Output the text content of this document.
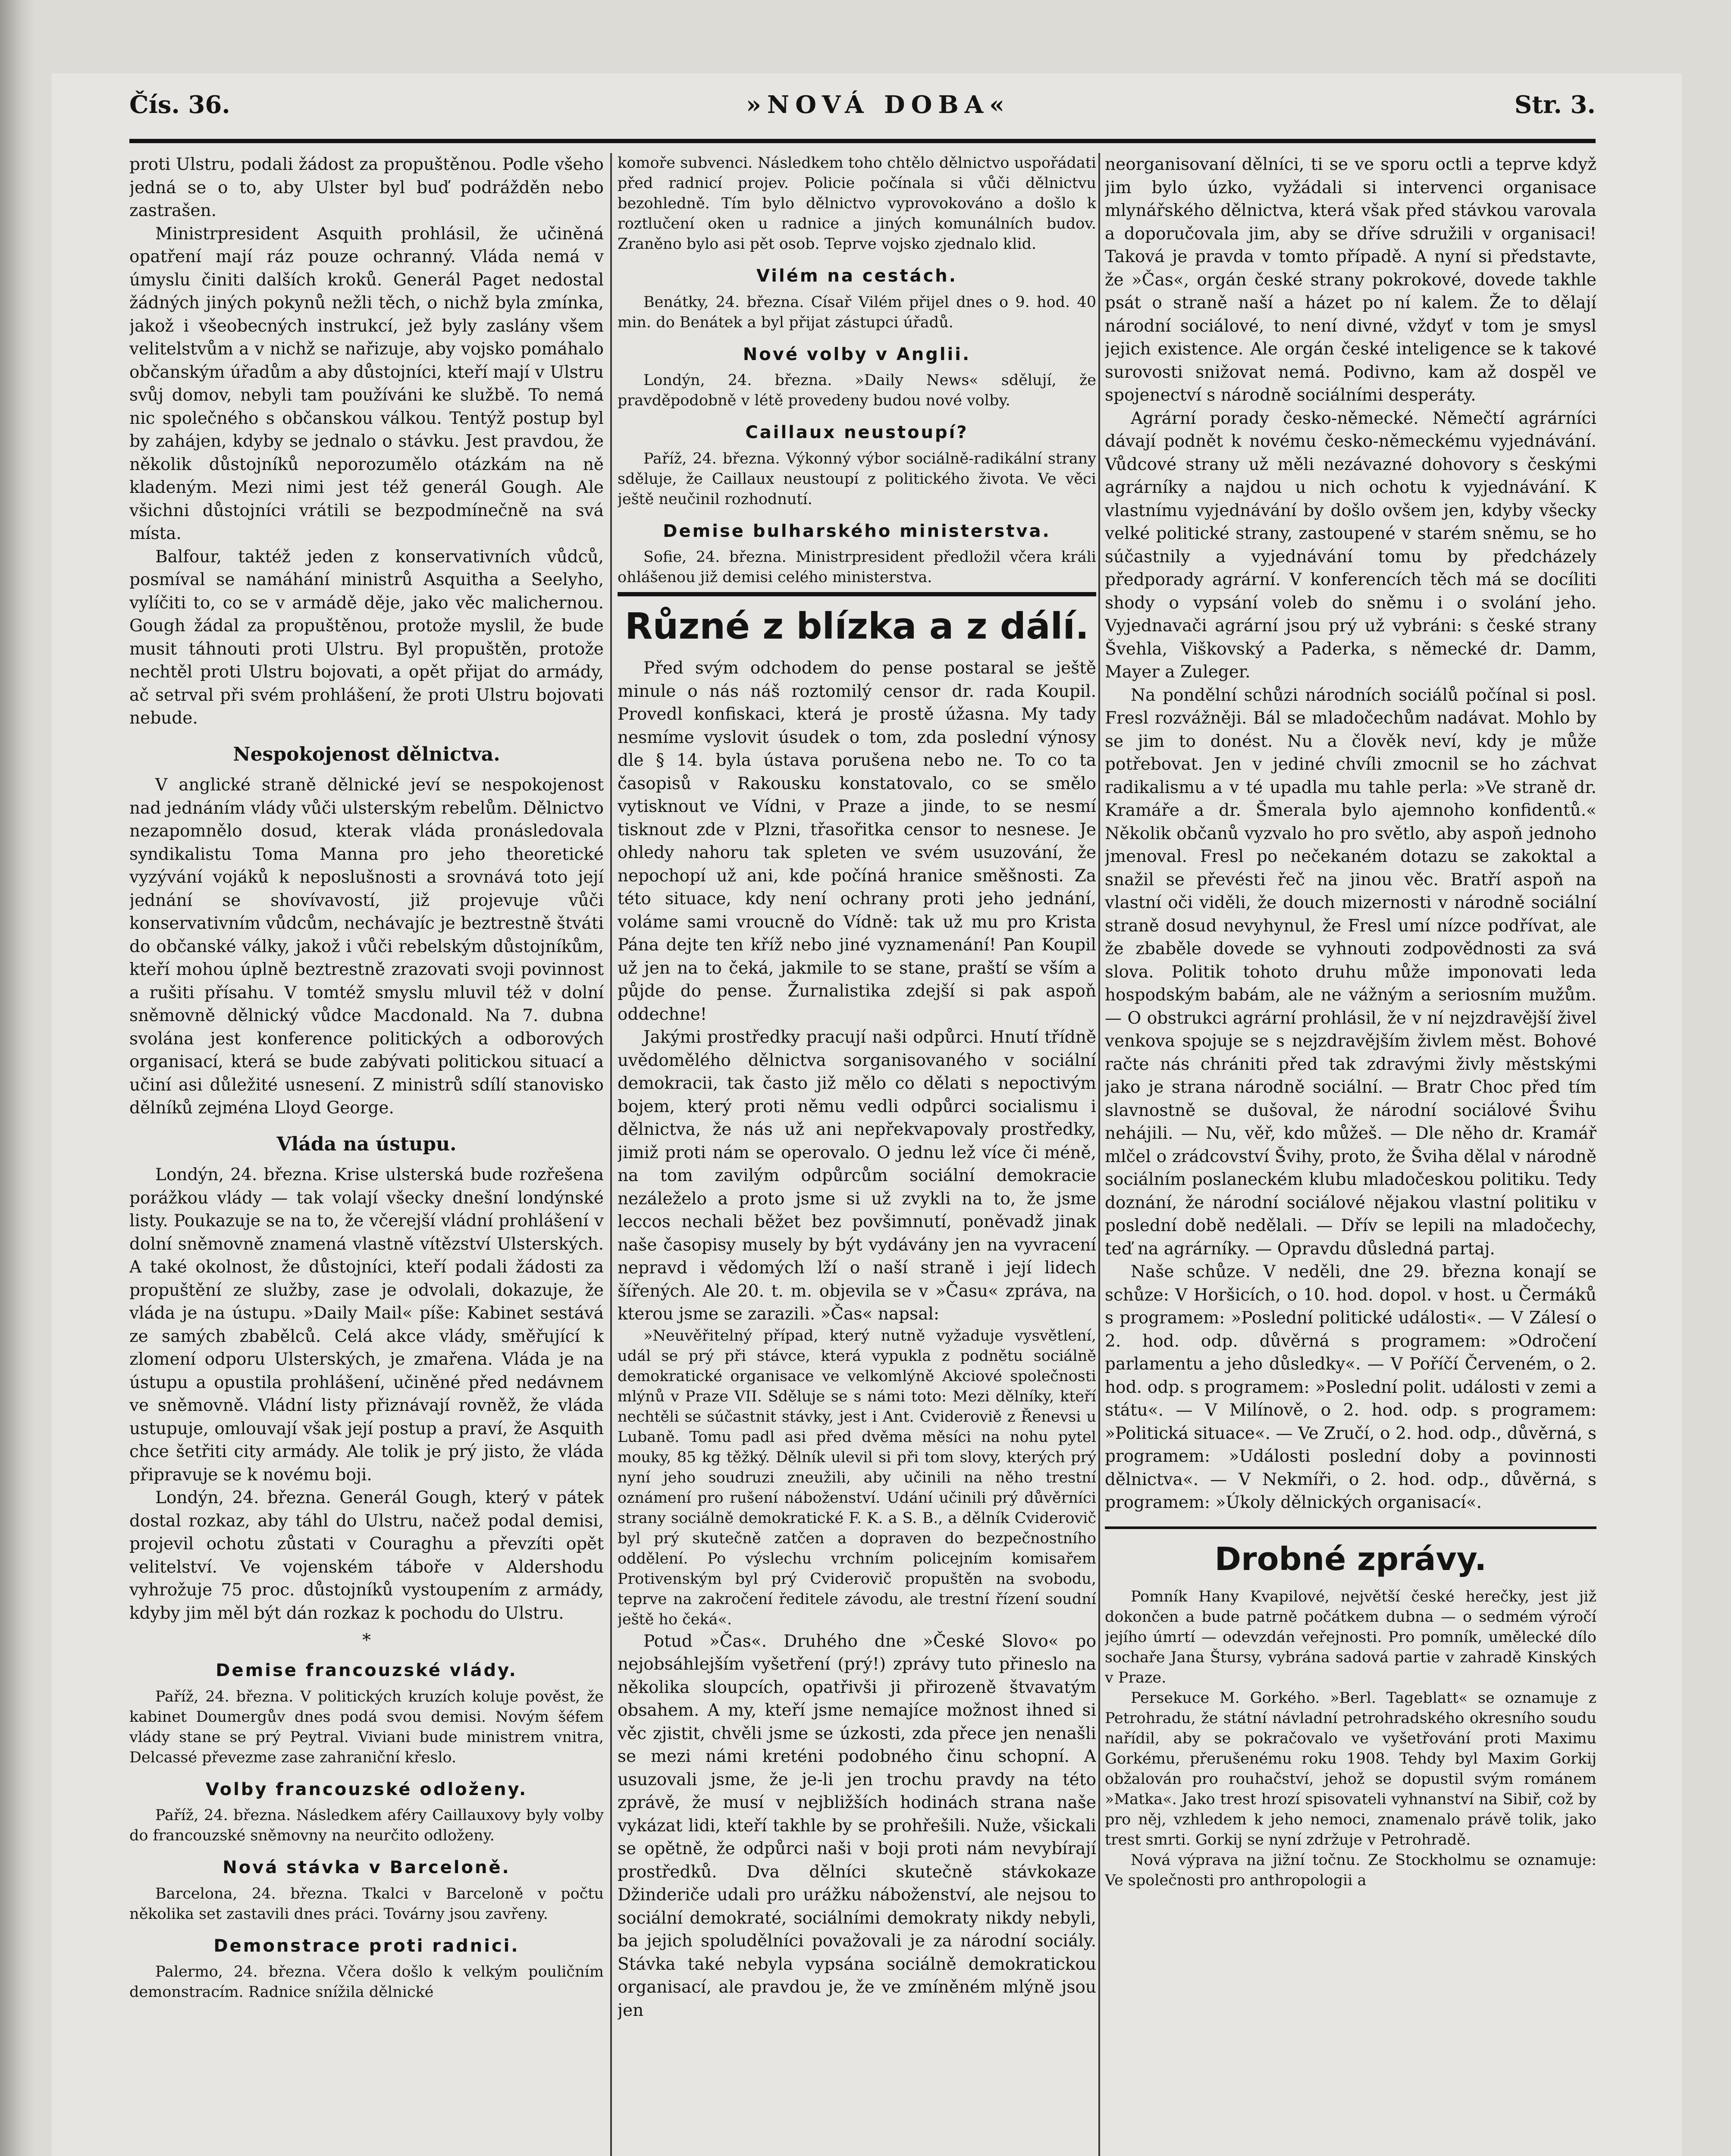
Čís. 36.	»NOVÁ DOBA«	Str. 3.

proti Ulstru, podali žádost za propuštěnou. Podle všeho jedná se o to, aby Ulster byl buď podrážděn nebo zastrašen.

Ministrpresident Asquith prohlásil, že učiněná opatření mají ráz pouze ochranný. Vláda nemá v úmyslu činiti dalších kroků. Generál Paget nedostal žádných jiných pokynů nežli těch, o nichž byla zmínka, jakož i všeobecných instrukcí, jež byly zaslány všem velitelstvům a v nichž se nařizuje, aby vojsko pomáhalo občanským úřadům a aby důstojníci, kteří mají v Ulstru svůj domov, nebyli tam používáni ke službě. To nemá nic společného s občanskou válkou. Tentýž postup byl by zahájen, kdyby se jednalo o stávku. Jest pravdou, že několik důstojníků neporozumělo otázkám na ně kladeným. Mezi nimi jest též generál Gough. Ale všichni důstojníci vrátili se bezpodmínečně na svá místa.

Balfour, taktéž jeden z konservativních vůdců, posmíval se namáhání ministrů Asquitha a Seelyho, vylíčiti to, co se v armádě děje, jako věc malichernou. Gough žádal za propuštěnou, protože myslil, že bude musit táhnouti proti Ulstru. Byl propuštěn, protože nechtěl proti Ulstru bojovati, a opět přijat do armády, ač setrval při svém prohlášení, že proti Ulstru bojovati nebude.

Nespokojenost dělnictva.

V anglické straně dělnické jeví se nespokojenost nad jednáním vlády vůči ulsterským rebelům. Dělnictvo nezapomnělo dosud, kterak vláda pronásledovala syndikalistu Toma Manna pro jeho theoretické vyzývání vojáků k neposlušnosti a srovnává toto její jednání se shovívavostí, již projevuje vůči konservativním vůdcům, nechávajíc je beztrestně štváti do občanské války, jakož i vůči rebelským důstojníkům, kteří mohou úplně beztrestně zrazovati svoji povinnost a rušiti přísahu. V tomtéž smyslu mluvil též v dolní sněmovně dělnický vůdce Macdonald. Na 7. dubna svolána jest konference politických a odborových organisací, která se bude zabývati politickou situací a učiní asi důležité usnesení. Z ministrů sdílí stanovisko dělníků zejména Lloyd George.

Vláda na ústupu.

Londýn, 24. března. Krise ulsterská bude rozřešena porážkou vlády — tak volají všecky dnešní londýnské listy. Poukazuje se na to, že včerejší vládní prohlášení v dolní sněmovně znamená vlastně vítězství Ulsterských. A také okolnost, že důstojníci, kteří podali žádosti za propuštění ze služby, zase je odvolali, dokazuje, že vláda je na ústupu. »Daily Mail« píše: Kabinet sestává ze samých zbabělců. Celá akce vlády, směřující k zlomení odporu Ulsterských, je zmařena. Vláda je na ústupu a opustila prohlášení, učiněné před nedávnem ve sněmovně. Vládní listy přiznávají rovněž, že vláda ustupuje, omlouvají však její postup a praví, že Asquith chce šetřiti city armády. Ale tolik je prý jisto, že vláda připravuje se k novému boji.

Londýn, 24. března. Generál Gough, který v pátek dostal rozkaz, aby táhl do Ulstru, načež podal demisi, projevil ochotu zůstati v Couraghu a převzíti opět velitelství. Ve vojenském táboře v Aldershodu vyhrožuje 75 proc. důstojníků vystoupením z armády, kdyby jim měl být dán rozkaz k pochodu do Ulstru.

*
Demise francouzské vlády.

Paříž, 24. března. V politických kruzích koluje pověst, že kabinet Doumergův dnes podá svou demisi. Novým šéfem vlády stane se prý Peytral. Viviani bude ministrem vnitra, Delcassé převezme zase zahraniční křeslo.

Volby francouzské odloženy.

Paříž, 24. března. Následkem aféry Caillauxovy byly volby do francouzské sněmovny na neurčito odloženy.

Nová stávka v Barceloně.

Barcelona, 24. března. Tkalci v Barceloně v počtu několika set zastavili dnes práci. Továrny jsou zavřeny.

Demonstrace proti radnici.

Palermo, 24. března. Včera došlo k velkým pouličním demonstracím. Radnice snížila dělnické

komoře subvenci. Následkem toho chtělo dělnictvo uspořádati před radnicí projev. Policie počínala si vůči dělnictvu bezohledně. Tím bylo dělnictvo vyprovokováno a došlo k roztlučení oken u radnice a jiných komunálních budov. Zraněno bylo asi pět osob. Teprve vojsko zjednalo klid.

Vilém na cestách.

Benátky, 24. března. Císař Vilém přijel dnes o 9. hod. 40 min. do Benátek a byl přijat zástupci úřadů.

Nové volby v Anglii.

Londýn, 24. března. »Daily News« sdělují, že pravděpodobně v létě provedeny budou nové volby.

Caillaux neustoupí?

Paříž, 24. března. Výkonný výbor sociálně-radikální strany sděluje, že Caillaux neustoupí z politického života. Ve věci ještě neučinil rozhodnutí.

Demise bulharského ministerstva.

Sofie, 24. března. Ministrpresident předložil včera králi ohlášenou již demisi celého ministerstva.

Různé z blízka a z dálí.

Před svým odchodem do pense postaral se ještě minule o nás náš roztomilý censor dr. rada Koupil. Provedl konfiskaci, která je prostě úžasna. My tady nesmíme vyslovit úsudek o tom, zda poslední výnosy dle § 14. byla ústava porušena nebo ne. To co ta časopisů v Rakousku konstatovalo, co se smělo vytisknout ve Vídni, v Praze a jinde, to se nesmí tisknout zde v Plzni, třasořitka censor to nesnese. Je ohledy nahoru tak spleten ve svém usuzování, že nepochopí už ani, kde počíná hranice směšnosti. Za této situace, kdy není ochrany proti jeho jednání, voláme sami vroucně do Vídně: tak už mu pro Krista Pána dejte ten kříž nebo jiné vyznamenání! Pan Koupil už jen na to čeká, jakmile to se stane, praští se vším a půjde do pense. Žurnalistika zdejší si pak aspoň oddechne!

Jakými prostředky pracují naši odpůrci. Hnutí třídně uvědomělého dělnictva sorganisovaného v sociální demokracii, tak často již mělo co dělati s nepoctivým bojem, který proti němu vedli odpůrci socialismu i dělnictva, že nás už ani nepřekvapovaly prostředky, jimiž proti nám se operovalo. O jednu lež více či méně, na tom zavilým odpůrcům sociální demokracie nezáleželo a proto jsme si už zvykli na to, že jsme leccos nechali běžet bez povšimnutí, poněvadž jinak naše časopisy musely by být vydávány jen na vyvracení nepravd i vědomých lží o naší straně i její lidech šířených. Ale 20. t. m. objevila se v »Času« zpráva, na kterou jsme se zarazili. »Čas« napsal:

»Neuvěřitelný případ, který nutně vyžaduje vysvětlení, udál se prý při stávce, která vypukla z podnětu sociálně demokratické organisace ve velkomlýně Akciové společnosti mlýnů v Praze VII. Sděluje se s námi toto: Mezi dělníky, kteří nechtěli se súčastnit stávky, jest i Ant. Cvideroviě z Řenevsi u Lubaně. Tomu padl asi před dvěma měsíci na nohu pytel mouky, 85 kg těžký. Dělník ulevil si při tom slovy, kterých prý nyní jeho soudruzi zneužili, aby učinili na něho trestní oznámení pro rušení náboženství. Udání učinili prý důvěrníci strany sociálně demokratické F. K. a S. B., a dělník Cviderovič byl prý skutečně zatčen a dopraven do bezpečnostního oddělení. Po výslechu vrchním policejním komisařem Protivenským byl prý Cviderovič propuštěn na svobodu, teprve na zakročení ředitele závodu, ale trestní řízení soudní ještě ho čeká«.

Potud »Čas«. Druhého dne »České Slovo« po nejobsáhlejším vyšetření (prý!) zprávy tuto přineslo na několika sloupcích, opatřivši ji přirozeně štvavatým obsahem. A my, kteří jsme nemajíce možnost ihned si věc zjistit, chvěli jsme se úzkosti, zda přece jen nenašli se mezi námi kreténi podobného činu schopní. A usuzovali jsme, že je-li jen trochu pravdy na této zprávě, že musí v nejbližších hodinách strana naše vykázat lidi, kteří takhle by se prohřešili. Nuže, všickali se opětně, že odpůrci naši v boji proti nám nevybírají prostředků. Dva dělníci skutečně stávkokaze Džinderiče udali pro urážku náboženství, ale nejsou to sociální demokraté, sociálními demokraty nikdy nebyli, ba jejich spoludělníci považovali je za národní sociály. Stávka také nebyla vypsána sociálně demokratickou organisací, ale pravdou je, že ve zmíněném mlýně jsou jen

neorganisovaní dělníci, ti se ve sporu octli a teprve když jim bylo úzko, vyžádali si intervenci organisace mlynářského dělnictva, která však před stávkou varovala a doporučovala jim, aby se dříve sdružili v organisaci! Taková je pravda v tomto případě. A nyní si představte, že »Čas«, orgán české strany pokrokové, dovede takhle psát o straně naší a házet po ní kalem. Že to dělají národní sociálové, to není divné, vždyť v tom je smysl jejich existence. Ale orgán české inteligence se k takové surovosti snižovat nemá. Podivno, kam až dospěl ve spojenectví s národně sociálními desperáty.

Agrární porady česko-německé. Němečtí agrárníci dávají podnět k novému česko-německému vyjednávání. Vůdcové strany už měli nezávazné dohovory s českými agrárníky a najdou u nich ochotu k vyjednávání. K vlastnímu vyjednávání by došlo ovšem jen, kdyby všecky velké politické strany, zastoupené v starém sněmu, se ho súčastnily a vyjednávání tomu by předcházely předporady agrární. V konferencích těch má se docíliti shody o vypsání voleb do sněmu i o svolání jeho. Vyjednavači agrární jsou prý už vybráni: s české strany Švehla, Viškovský a Paderka, s německé dr. Damm, Mayer a Zuleger.

Na pondělní schůzi národních sociálů počínal si posl. Fresl rozvážněji. Bál se mladočechům nadávat. Mohlo by se jim to donést. Nu a člověk neví, kdy je může potřebovat. Jen v jediné chvíli zmocnil se ho záchvat radikalismu a v té upadla mu tahle perla: »Ve straně dr. Kramáře a dr. Šmerala bylo ajemnoho konfidentů.« Několik občanů vyzvalo ho pro světlo, aby aspoň jednoho jmenoval. Fresl po nečekaném dotazu se zakoktal a snažil se převésti řeč na jinou věc. Bratří aspoň na vlastní oči viděli, že douch mizernosti v národně sociální straně dosud nevyhynul, že Fresl umí nízce podřívat, ale že zbaběle dovede se vyhnouti zodpovědnosti za svá slova. Politik tohoto druhu může imponovati leda hospodským babám, ale ne vážným a seriosním mužům. — O obstrukci agrární prohlásil, že v ní nejzdravější živel venkova spojuje se s nejzdravějším živlem měst. Bohové račte nás chrániti před tak zdravými živly městskými jako je strana národně sociální. — Bratr Choc před tím slavnostně se dušoval, že národní sociálové Švihu nehájili. — Nu, věř, kdo můžeš. — Dle něho dr. Kramář mlčel o zrádcovství Švihy, proto, že Šviha dělal v národně sociálním poslaneckém klubu mladočeskou politiku. Tedy doznání, že národní sociálové nějakou vlastní politiku v poslední době nedělali. — Dřív se lepili na mladočechy, teď na agrárníky. — Opravdu důsledná partaj.

Naše schůze. V neděli, dne 29. března konají se schůze: V Horšicích, o 10. hod. dopol. v host. u Čermáků s programem: »Poslední politické události«. — V Zálesí o 2. hod. odp. důvěrná s programem: »Odročení parlamentu a jeho důsledky«. — V Poříčí Červeném, o 2. hod. odp. s programem: »Poslední polit. události v zemi a státu«. — V Milínově, o 2. hod. odp. s programem: »Politická situace«. — Ve Zručí, o 2. hod. odp., důvěrná, s programem: »Události poslední doby a povinnosti dělnictva«. — V Nekmíři, o 2. hod. odp., důvěrná, s programem: »Úkoly dělnických organisací«.

Drobné zprávy.

Pomník Hany Kvapilové, největší české herečky, jest již dokončen a bude patrně počátkem dubna — o sedmém výročí jejího úmrtí — odevzdán veřejnosti. Pro pomník, umělecké dílo sochaře Jana Štursy, vybrána sadová partie v zahradě Kinských v Praze.

Persekuce M. Gorkého. »Berl. Tageblatt« se oznamuje z Petrohradu, že státní návladní petrohradského okresního soudu nařídil, aby se pokračovalo ve vyšetřování proti Maximu Gorkému, přerušenému roku 1908. Tehdy byl Maxim Gorkij obžalován pro rouhačství, jehož se dopustil svým románem »Matka«. Jako trest hrozí spisovateli vyhnanství na Sibiř, což by pro něj, vzhledem k jeho nemoci, znamenalo právě tolik, jako trest smrti. Gorkij se nyní zdržuje v Petrohradě.

Nová výprava na jižní točnu. Ze Stockholmu se oznamuje: Ve společnosti pro anthropologii a
